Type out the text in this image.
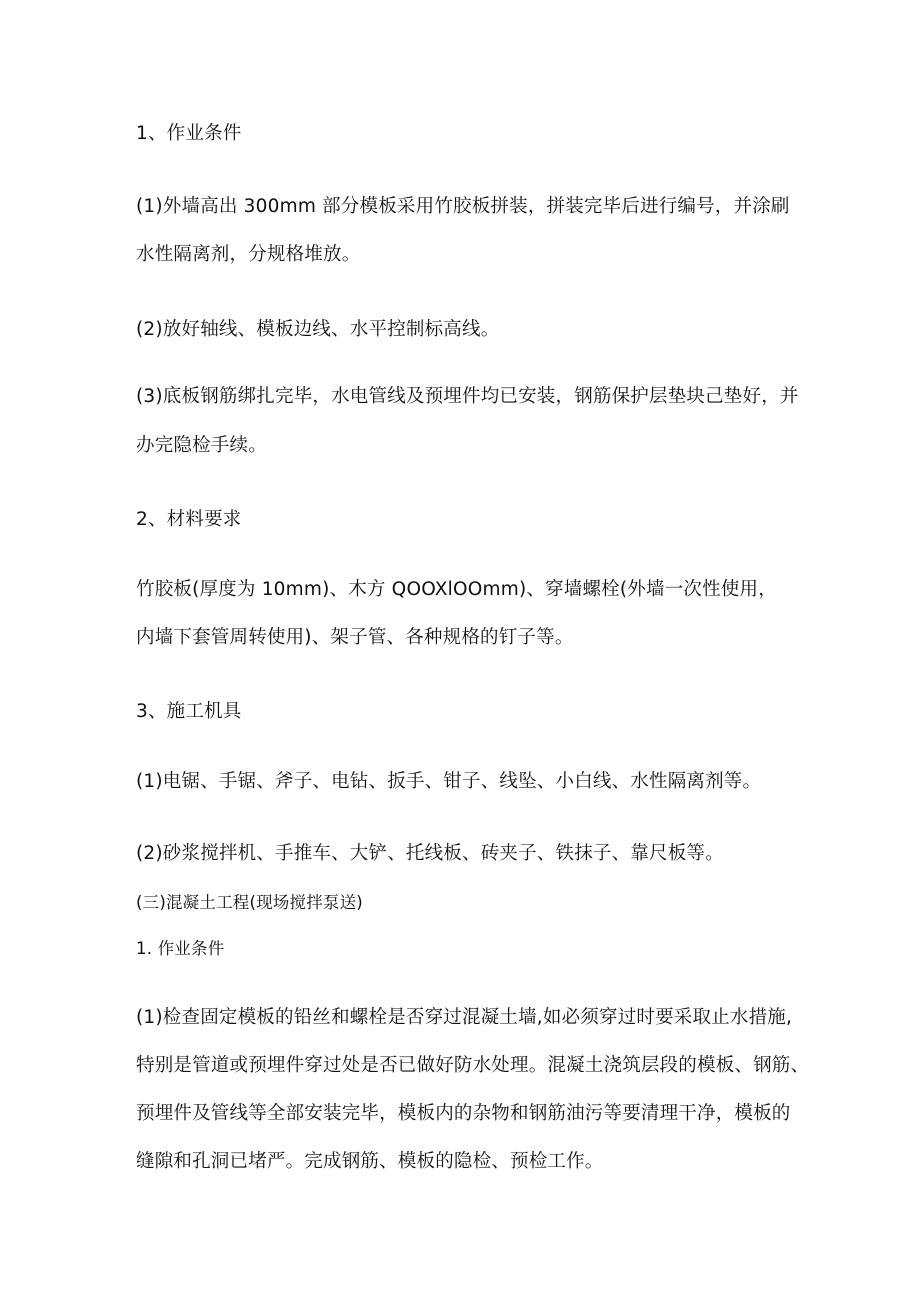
1、作业条件
(1)外墙高出 300mm 部分模板采用竹胶板拼装，拼装完毕后进行编号，并涂刷
水性隔离剂，分规格堆放。
(2)放好轴线、模板边线、水平控制标高线。
(3)底板钢筋绑扎完毕，水电管线及预埋件均已安装，钢筋保护层垫块己垫好，并
办完隐检手续。
2、材料要求
竹胶板(厚度为 10mm)、木方 QOOXlOOmm)、穿墙螺栓(外墙一次性使用，
内墙下套管周转使用)、架子管、各种规格的钉子等。
3、施工机具
(1)电锯、手锯、斧子、电钻、扳手、钳子、线坠、小白线、水性隔离剂等。
(2)砂浆搅拌机、手推车、大铲、托线板、砖夹子、铁抹子、靠尺板等。
(三)混凝土工程(现场搅拌泵送)
1. 作业条件
(1)检查固定模板的铅丝和螺栓是否穿过混凝土墙,如必须穿过时要采取止水措施,
特别是管道或预埋件穿过处是否已做好防水处理。混凝土浇筑层段的模板、钢筋、
预埋件及管线等全部安装完毕，模板内的杂物和钢筋油污等要清理干净，模板的
缝隙和孔洞已堵严。完成钢筋、模板的隐检、预检工作。
